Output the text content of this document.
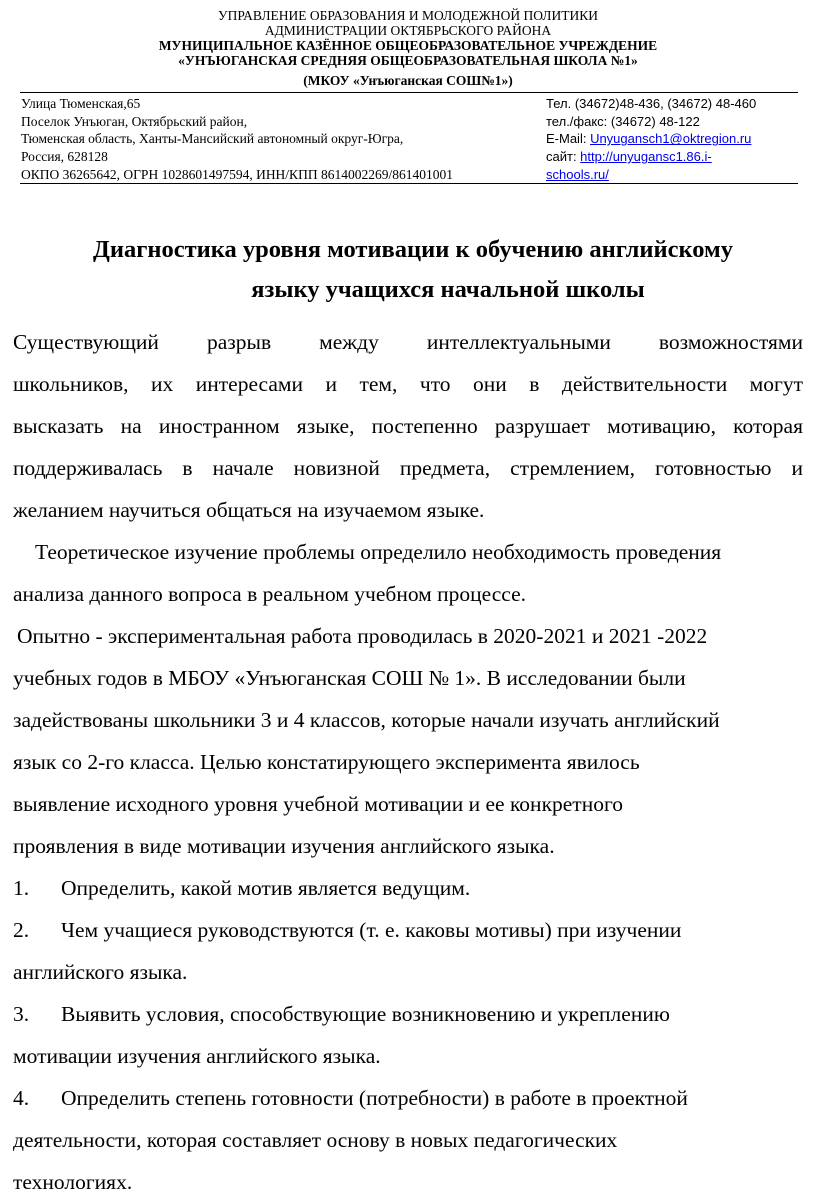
УПРАВЛЕНИЕ ОБРАЗОВАНИЯ И МОЛОДЕЖНОЙ ПОЛИТИКИ
АДМИНИСТРАЦИИ ОКТЯБРЬСКОГО РАЙОНА
МУНИЦИПАЛЬНОЕ КАЗЁННОЕ ОБЩЕОБРАЗОВАТЕЛЬНОЕ УЧРЕЖДЕНИЕ
«УНЪЮГАНСКАЯ СРЕДНЯЯ ОБЩЕОБРАЗОВАТЕЛЬНАЯ ШКОЛА №1»
(МКОУ «Унъюганская СОШ№1»)
Улица Тюменская,65
Поселок Унъюган, Октябрьский район,
Тюменская область, Ханты-Мансийский автономный округ-Югра,
Россия, 628128
ОКПО 36265642, ОГРН 1028601497594, ИНН/КПП 8614002269/861401001
Тел. (34672)48-436, (34672) 48-460
тел./факс: (34672) 48-122
E-Mail: Unyugansch1@oktregion.ru
сайт: http://unyugansc1.86.i-
schools.ru/
Диагностика уровня мотивации к обучению английскому
языку учащихся начальной школы
Существующий разрыв между интеллектуальными возможностями
школьников, их интересами и тем, что они в действительности могут
высказать на иностранном языке, постепенно разрушает мотивацию, которая
поддерживалась в начале новизной предмета, стремлением, готовностью и
желанием научиться общаться на изучаемом языке.
Теоретическое изучение проблемы определило необходимость проведения
анализа данного вопроса в реальном учебном процессе.
Опытно - экспериментальная работа проводилась в 2020-2021 и 2021 -2022
учебных годов в МБОУ «Унъюганская СОШ № 1». В исследовании были
задействованы школьники 3 и 4 классов, которые начали изучать английский
язык со 2-го класса. Целью констатирующего эксперимента явилось
выявление исходного уровня учебной мотивации и ее конкретного
проявления в виде мотивации изучения английского языка.
1. Определить, какой мотив является ведущим.
2. Чем учащиеся руководствуются (т. е. каковы мотивы) при изучении
английского языка.
3. Выявить условия, способствующие возникновению и укреплению
мотивации изучения английского языка.
4. Определить степень готовности (потребности) в работе в проектной
деятельности, которая составляет основу в новых педагогических
технологиях.
